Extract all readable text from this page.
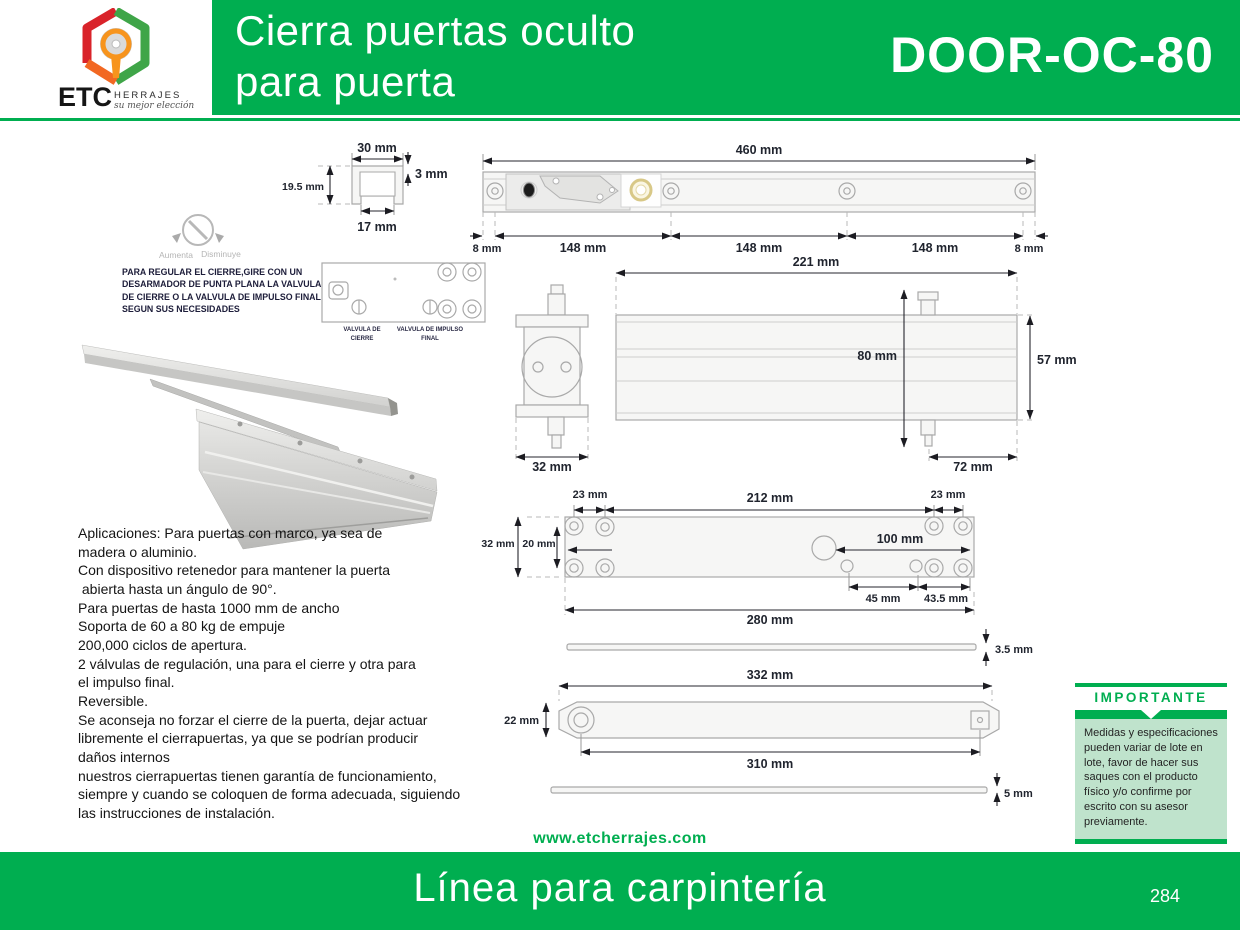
ETC HERRAJES
su mejor elección
Cierra puertas oculto
para puerta	DOOR-OC-80
30 mm
3 mm
19.5 mm
17 mm
Aumenta Disminuye
VALVULA DE
CIERRE
VALVULA DE IMPULSO
FINAL
460 mm
8 mm	148 mm	148 mm	148 mm	8 mm
32 mm
221 mm
80 mm	57 mm
72 mm
23 mm	212 mm	23 mm
32 mm 20 mm	100 mm
45 mm 43.5 mm
280 mm
3.5 mm
332 mm
22 mm
310 mm
5 mm
PARA REGULAR EL CIERRE,GIRE CON UN
DESARMADOR DE PUNTA PLANA LA VALVULA
DE CIERRE O LA VALVULA DE IMPULSO FINAL
SEGUN SUS NECESIDADES
Aplicaciones: Para puertas con marco, ya sea de
madera o aluminio.
Con dispositivo retenedor para mantener la puerta
abierta hasta un ángulo de 90°.
Para puertas de hasta 1000 mm de ancho
Soporta de 60 a 80 kg de empuje
200,000 ciclos de apertura.
2 válvulas de regulación, una para el cierre y otra para
el impulso final.
Reversible.
Se aconseja no forzar el cierre de la puerta, dejar actuar
libremente el cierrapuertas, ya que se podrían producir
daños internos
nuestros cierrapuertas tienen garantía de funcionamiento,
siempre y cuando se coloquen de forma adecuada, siguiendo
las instrucciones de instalación.
IMPORTANTE
Medidas y especificaciones pueden variar de lote en lote, favor de hacer sus saques con el producto físico y/o confirme por escrito con su asesor previamente.
www.etcherrajes.com
Línea para carpintería	284
